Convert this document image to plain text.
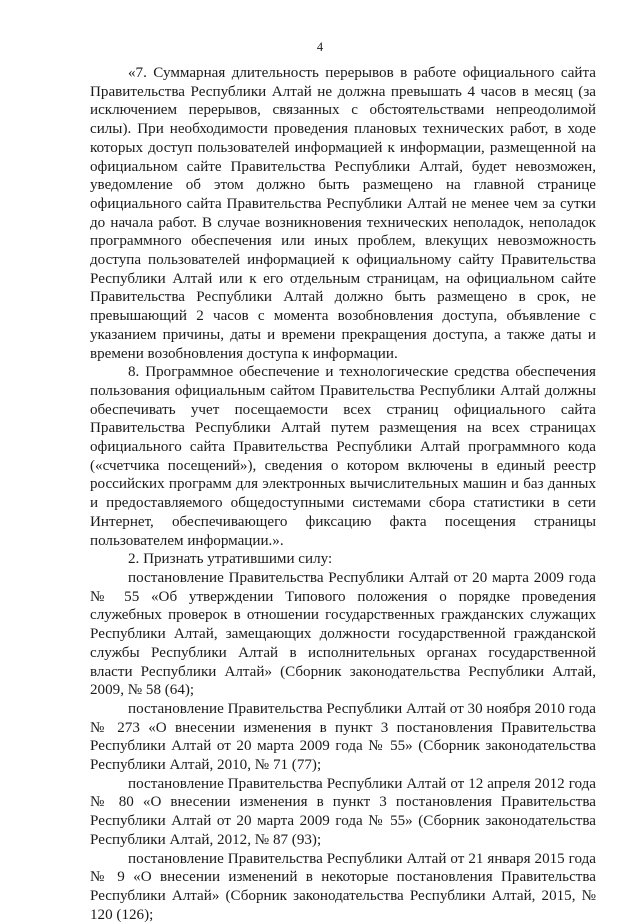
4

«7. Суммарная длительность перерывов в работе официального сайта Правительства Республики Алтай не должна превышать 4 часов в месяц (за исключением перерывов, связанных с обстоятельствами непреодолимой силы). При необходимости проведения плановых технических работ, в ходе которых доступ пользователей информацией к информации, размещенной на официальном сайте Правительства Республики Алтай, будет невозможен, уведомление об этом должно быть размещено на главной странице официального сайта Правительства Республики Алтай не менее чем за сутки до начала работ. В случае возникновения технических неполадок, неполадок программного обеспечения или иных проблем, влекущих невозможность доступа пользователей информацией к официальному сайту Правительства Республики Алтай или к его отдельным страницам, на официальном сайте Правительства Республики Алтай должно быть размещено в срок, не превышающий 2 часов с момента возобновления доступа, объявление с указанием причины, даты и времени прекращения доступа, а также даты и времени возобновления доступа к информации.

8. Программное обеспечение и технологические средства обеспечения пользования официальным сайтом Правительства Республики Алтай должны обеспечивать учет посещаемости всех страниц официального сайта Правительства Республики Алтай путем размещения на всех страницах официального сайта Правительства Республики Алтай программного кода («счетчика посещений»), сведения о котором включены в единый реестр российских программ для электронных вычислительных машин и баз данных и предоставляемого общедоступными системами сбора статистики в сети Интернет, обеспечивающего фиксацию факта посещения страницы пользователем информации.».

2. Признать утратившими силу:

постановление Правительства Республики Алтай от 20 марта 2009 года № 55 «Об утверждении Типового положения о порядке проведения служебных проверок в отношении государственных гражданских служащих Республики Алтай, замещающих должности государственной гражданской службы Республики Алтай в исполнительных органах государственной власти Республики Алтай» (Сборник законодательства Республики Алтай, 2009, № 58 (64);

постановление Правительства Республики Алтай от 30 ноября 2010 года № 273 «О внесении изменения в пункт 3 постановления Правительства Республики Алтай от 20 марта 2009 года № 55» (Сборник законодательства Республики Алтай, 2010, № 71 (77);

постановление Правительства Республики Алтай от 12 апреля 2012 года № 80 «О внесении изменения в пункт 3 постановления Правительства Республики Алтай от 20 марта 2009 года № 55» (Сборник законодательства Республики Алтай, 2012, № 87 (93);

постановление Правительства Республики Алтай от 21 января 2015 года № 9 «О внесении изменений в некоторые постановления Правительства Республики Алтай» (Сборник законодательства Республики Алтай, 2015, № 120 (126);
